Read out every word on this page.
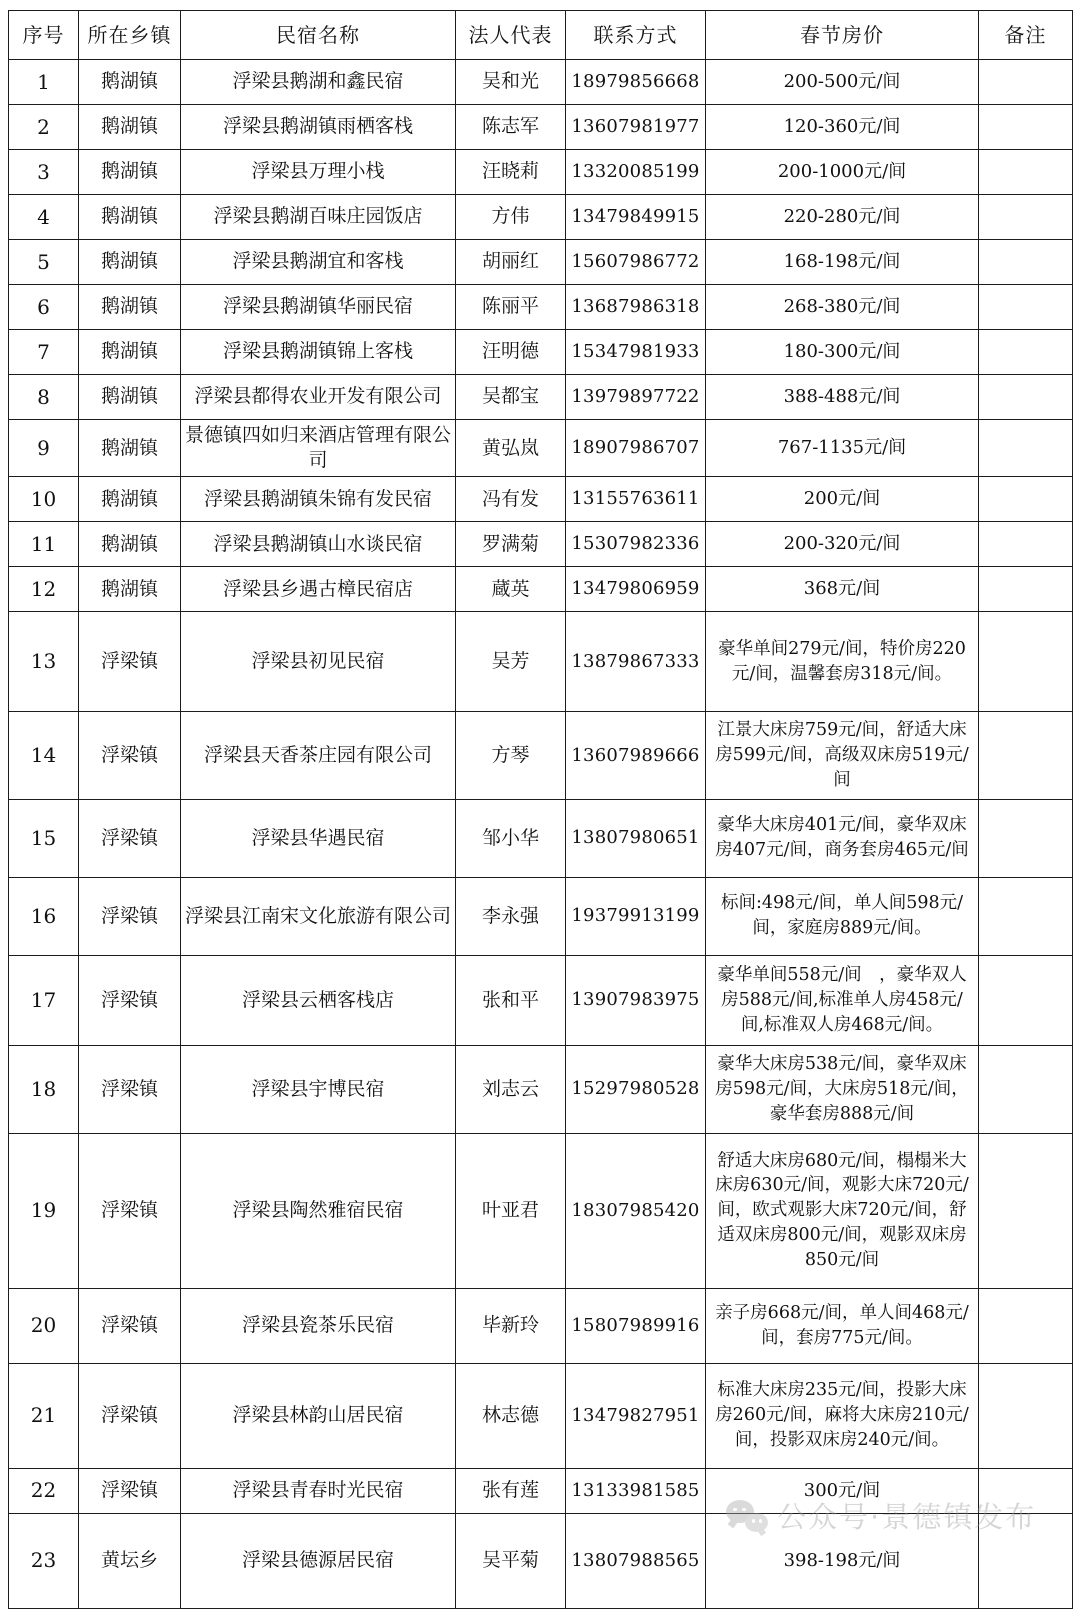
序号	所在乡镇	民宿名称	法人代表	联系方式	春节房价	备注
1	鹅湖镇	浮梁县鹅湖和鑫民宿	吴和光	18979856668	200-500元/间	
2	鹅湖镇	浮梁县鹅湖镇雨栖客栈	陈志军	13607981977	120-360元/间	
3	鹅湖镇	浮梁县万理小栈	汪晓莉	13320085199	200-1000元/间	
4	鹅湖镇	浮梁县鹅湖百味庄园饭店	方伟	13479849915	220-280元/间	
5	鹅湖镇	浮梁县鹅湖宜和客栈	胡丽红	15607986772	168-198元/间	
6	鹅湖镇	浮梁县鹅湖镇华丽民宿	陈丽平	13687986318	268-380元/间	
7	鹅湖镇	浮梁县鹅湖镇锦上客栈	汪明德	15347981933	180-300元/间	
8	鹅湖镇	浮梁县都得农业开发有限公司	吴都宝	13979897722	388-488元/间	
9	鹅湖镇	景德镇四如归来酒店管理有限公司	黄弘岚	18907986707	767-1135元/间	
10	鹅湖镇	浮梁县鹅湖镇朱锦有发民宿	冯有发	13155763611	200元/间	
11	鹅湖镇	浮梁县鹅湖镇山水谈民宿	罗满菊	15307982336	200-320元/间	
12	鹅湖镇	浮梁县乡遇古樟民宿店	蔵英	13479806959	368元/间	
13	浮梁镇	浮梁县初见民宿	吴芳	13879867333	豪华单间279元/间，特价房220元/间，温馨套房318元/间。	
14	浮梁镇	浮梁县天香茶庄园有限公司	方琴	13607989666	江景大床房759元/间，舒适大床房599元/间，高级双床房519元/间	
15	浮梁镇	浮梁县华遇民宿	邹小华	13807980651	豪华大床房401元/间，豪华双床房407元/间，商务套房465元/间	
16	浮梁镇	浮梁县江南宋文化旅游有限公司	李永强	19379913199	标间:498元/间，单人间598元/间，家庭房889元/间。	
17	浮梁镇	浮梁县云栖客栈店	张和平	13907983975	豪华单间558元/间　，豪华双人房588元/间,标准单人房458元/间,标准双人房468元/间。	
18	浮梁镇	浮梁县宇博民宿	刘志云	15297980528	豪华大床房538元/间，豪华双床房598元/间，大床房518元/间，豪华套房888元/间	
19	浮梁镇	浮梁县陶然雅宿民宿	叶亚君	18307985420	舒适大床房680元/间，榻榻米大床房630元/间，观影大床720元/间，欧式观影大床720元/间，舒适双床房800元/间，观影双床房850元/间	
20	浮梁镇	浮梁县瓷茶乐民宿	毕新玲	15807989916	亲子房668元/间，单人间468元/间，套房775元/间。	
21	浮梁镇	浮梁县林韵山居民宿	林志德	13479827951	标准大床房235元/间，投影大床房260元/间，麻将大床房210元/间，投影双床房240元/间。	
22	浮梁镇	浮梁县青春时光民宿	张有莲	13133981585	300元/间	
23	黄坛乡	浮梁县德源居民宿	吴平菊	13807988565	398-198元/间	
公众号·景德镇发布
